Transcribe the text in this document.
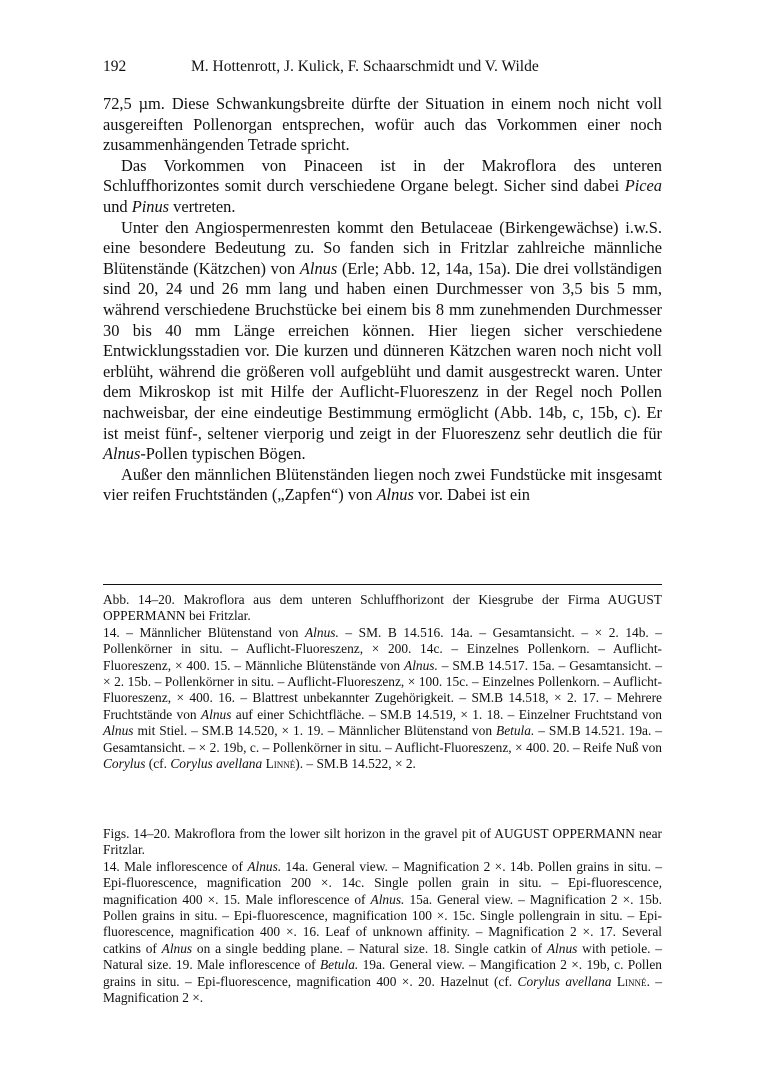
192	M. Hottenrott, J. Kulick, F. Schaarschmidt und V. Wilde

72,5 µm. Diese Schwankungsbreite dürfte der Situation in einem noch nicht voll ausgereiften Pollenorgan entsprechen, wofür auch das Vorkommen einer noch zusammenhängenden Tetrade spricht.

Das Vorkommen von Pinaceen ist in der Makroflora des unteren Schluffhorizontes somit durch verschiedene Organe belegt. Sicher sind dabei Picea und Pinus vertreten.

Unter den Angiospermenresten kommt den Betulaceae (Birkengewächse) i.w.S. eine besondere Bedeutung zu. So fanden sich in Fritzlar zahlreiche männliche Blütenstände (Kätzchen) von Alnus (Erle; Abb. 12, 14a, 15a). Die drei vollständigen sind 20, 24 und 26 mm lang und haben einen Durchmesser von 3,5 bis 5 mm, während verschiedene Bruchstücke bei einem bis 8 mm zunehmenden Durchmesser 30 bis 40 mm Länge erreichen können. Hier liegen sicher verschiedene Entwicklungsstadien vor. Die kurzen und dünneren Kätzchen waren noch nicht voll erblüht, während die größeren voll aufgeblüht und damit ausgestreckt waren. Unter dem Mikroskop ist mit Hilfe der Auflicht-Fluoreszenz in der Regel noch Pollen nachweisbar, der eine eindeutige Bestimmung ermöglicht (Abb. 14b, c, 15b, c). Er ist meist fünf-, seltener vierporig und zeigt in der Fluoreszenz sehr deutlich die für Alnus-Pollen typischen Bögen.

Außer den männlichen Blütenständen liegen noch zwei Fundstücke mit insgesamt vier reifen Fruchtständen („Zapfen“) von Alnus vor. Dabei ist ein

Abb. 14–20. Makroflora aus dem unteren Schluffhorizont der Kiesgrube der Firma AUGUST OPPERMANN bei Fritzlar.

14. – Männlicher Blütenstand von Alnus. – SM. B 14.516. 14a. – Gesamtansicht. – × 2. 14b. – Pollenkörner in situ. – Auflicht-Fluoreszenz, × 200. 14c. – Einzelnes Pollenkorn. – Auflicht-Fluoreszenz, × 400. 15. – Männliche Blütenstände von Alnus. – SM.B 14.517. 15a. – Gesamtansicht. – × 2. 15b. – Pollenkörner in situ. – Auflicht-Fluoreszenz, × 100. 15c. – Einzelnes Pollenkorn. – Auflicht-Fluoreszenz, × 400. 16. – Blattrest unbekannter Zugehörigkeit. – SM.B 14.518, × 2. 17. – Mehrere Fruchtstände von Alnus auf einer Schichtfläche. – SM.B 14.519, × 1. 18. – Einzelner Fruchtstand von Alnus mit Stiel. – SM.B 14.520, × 1. 19. – Männlicher Blütenstand von Betula. – SM.B 14.521. 19a. – Gesamtansicht. – × 2. 19b, c. – Pollenkörner in situ. – Auflicht-Fluoreszenz, × 400. 20. – Reife Nuß von Corylus (cf. Corylus avellana Linné). – SM.B 14.522, × 2.

Figs. 14–20. Makroflora from the lower silt horizon in the gravel pit of AUGUST OPPERMANN near Fritzlar.

14. Male inflorescence of Alnus. 14a. General view. – Magnification 2 ×. 14b. Pollen grains in situ. – Epi-fluorescence, magnification 200 ×. 14c. Single pollen grain in situ. – Epi-fluorescence, magnification 400 ×. 15. Male inflorescence of Alnus. 15a. General view. – Magnification 2 ×. 15b. Pollen grains in situ. – Epi-fluorescence, magnification 100 ×. 15c. Single pollengrain in situ. – Epi-fluorescence, magnification 400 ×. 16. Leaf of unknown affinity. – Magnification 2 ×. 17. Several catkins of Alnus on a single bedding plane. – Natural size. 18. Single catkin of Alnus with petiole. – Natural size. 19. Male inflorescence of Betula. 19a. General view. – Mangification 2 ×. 19b, c. Pollen grains in situ. – Epi-fluorescence, magnification 400 ×. 20. Hazelnut (cf. Corylus avellana Linné. – Magnification 2 ×.
